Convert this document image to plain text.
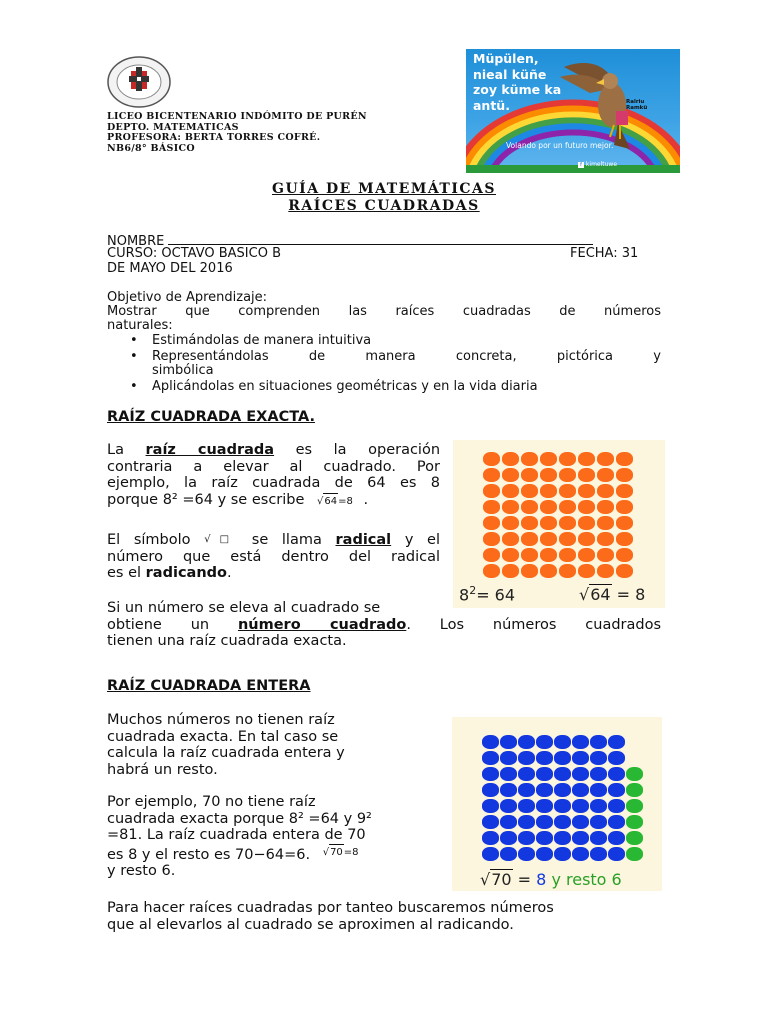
LICEO BICENTENARIO INDÓMITO DE PURÉN
DEPTO. MATEMATICAS
PROFESORA: BERTA TORRES COFRÉ.
NB6/8° BÁSICO
Müpülen,
nieal küñe
zoy küme ka
antü.	Ralriu
Ramkü
Volando por un futuro mejor.
f kimeltuwe
GUÍA DE MATEMÁTICAS
RAÍCES CUADRADAS
NOMBRE
CURSO: OCTAVO BASICO B	FECHA: 31
DE MAYO DEL 2016
Objetivo de Aprendizaje:
Mostrar que comprenden las raíces cuadradas de números
naturales:
• Estimándolas de manera intuitiva
• Representándolas de manera concreta, pictórica y
simbólica
• Aplicándolas en situaciones geométricas y en la vida diaria
RAÍZ CUADRADA EXACTA.
La raíz cuadrada es la operación
contraria a elevar al cuadrado. Por
ejemplo, la raíz cuadrada de 64 es 8
porque 8² =64 y se escribe √64=8 .
El símbolo √□ se llama radical y el
número que está dentro del radical
es el radicando.
Si un número se eleva al cuadrado se
obtiene un número cuadrado. Los números cuadrados
tienen una raíz cuadrada exacta.
$8^2= 64$	√64 = 8
RAÍZ CUADRADA ENTERA
Muchos números no tienen raíz
cuadrada exacta. En tal caso se
calcula la raíz cuadrada entera y
habrá un resto.
Por ejemplo, 70 no tiene raíz
cuadrada exacta porque 8² =64 y 9²
=81. La raíz cuadrada entera de 70
es 8 y el resto es 70−64=6. $^{√70=8}$
y resto 6.	√70 = 8 y resto 6
Para hacer raíces cuadradas por tanteo buscaremos números
que al elevarlos al cuadrado se aproximen al radicando.
